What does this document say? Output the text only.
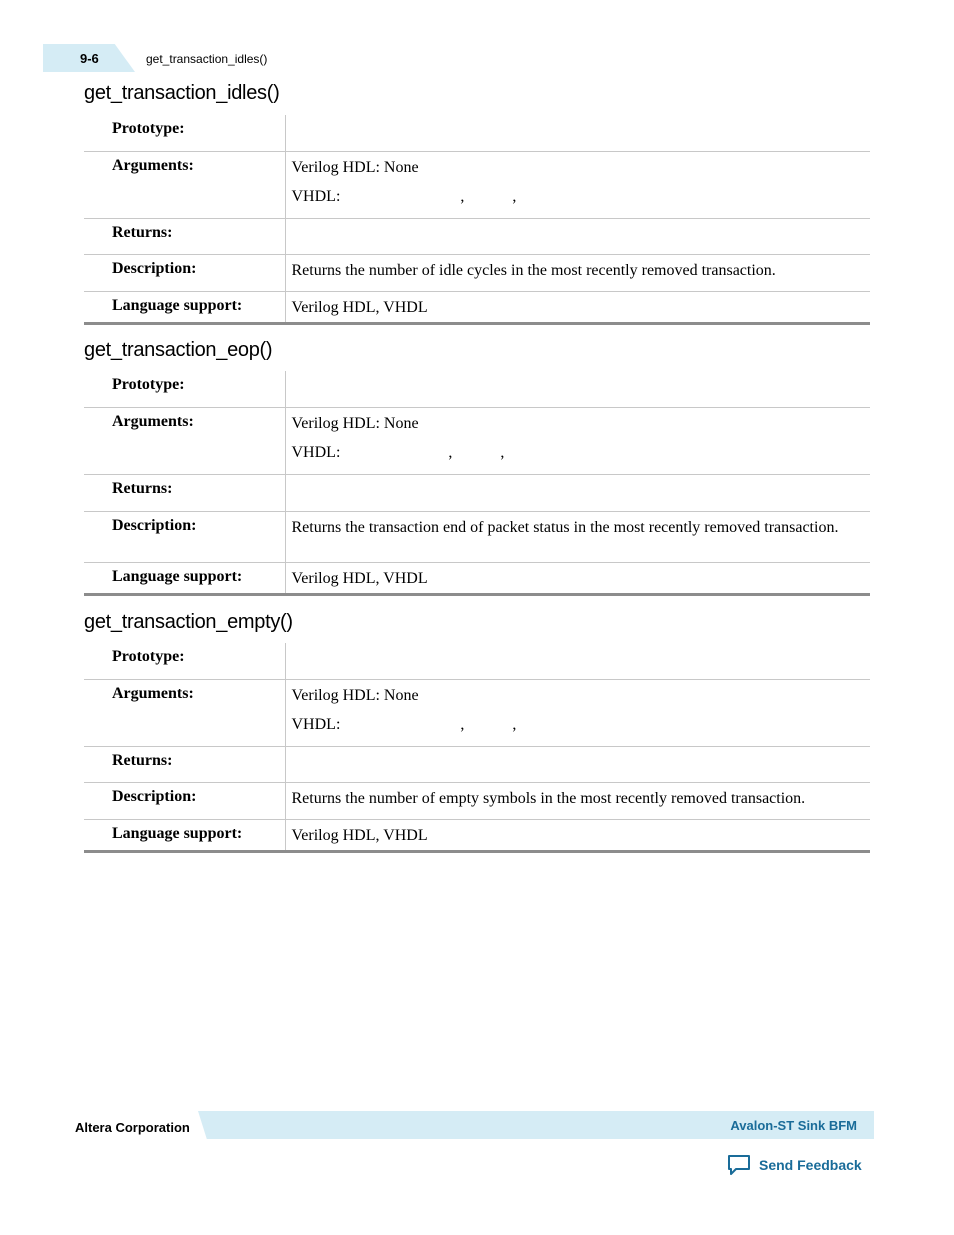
9-6	get_transaction_idles()
get_transaction_idles()
Prototype:	
Arguments:	Verilog HDL: None
VHDL:                              ,            ,

Returns:	
Description:	Returns the number of idle cycles in the most recently removed transaction.
Language support:	Verilog HDL, VHDL
get_transaction_eop()
Prototype:	
Arguments:	Verilog HDL: None
VHDL:                           ,            ,

Returns:	
Description:	Returns the transaction end of packet status in the most recently removed transaction.
Language support:	Verilog HDL, VHDL
get_transaction_empty()
Prototype:	
Arguments:	Verilog HDL: None
VHDL:                              ,            ,

Returns:	
Description:	Returns the number of empty symbols in the most recently removed transaction.
Language support:	Verilog HDL, VHDL
Altera Corporation	Avalon-ST Sink BFM
Send Feedback
